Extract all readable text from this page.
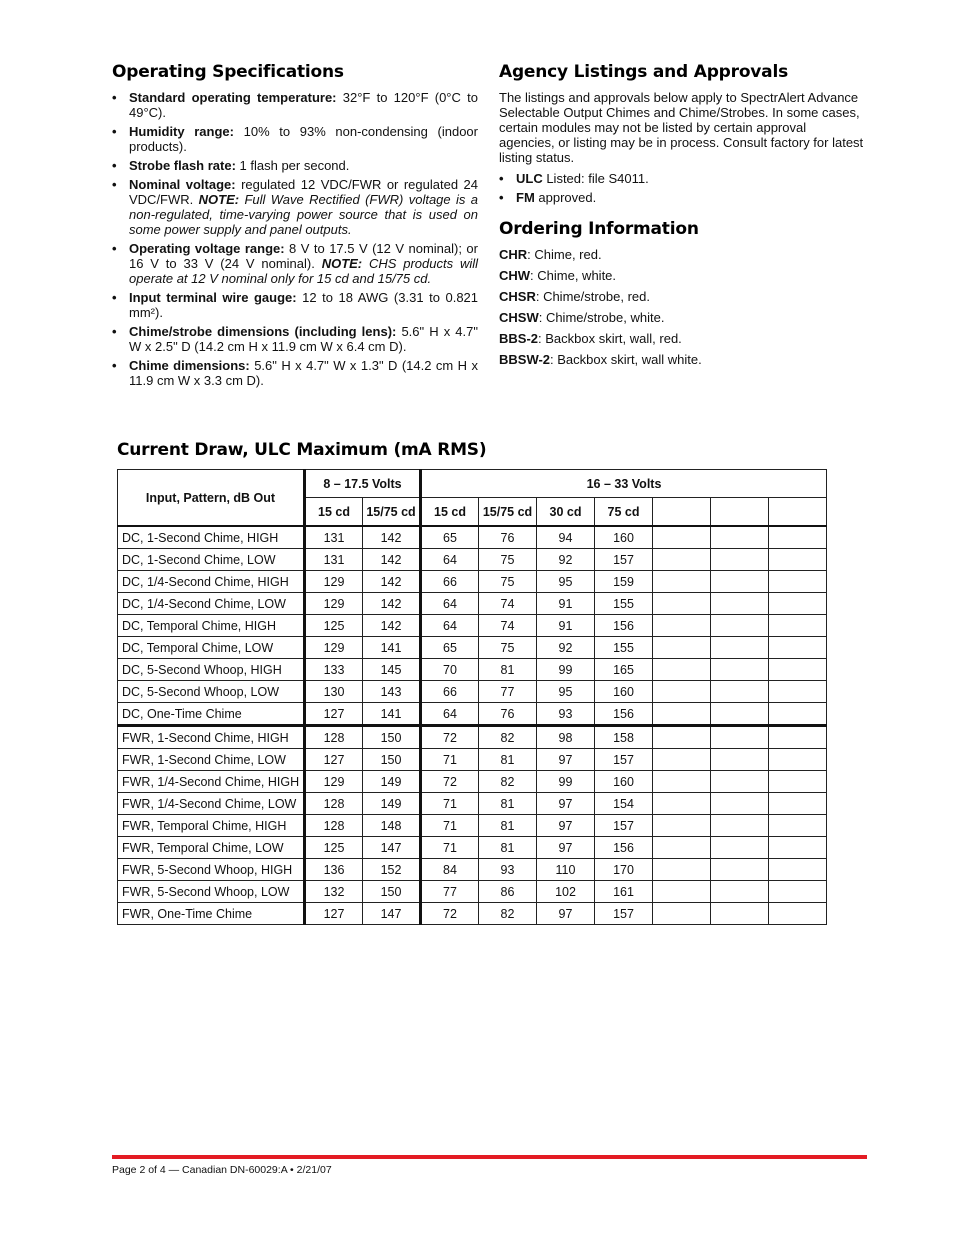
Operating Specifications
• Standard operating temperature: 32°F to 120°F (0°C to 49°C).
• Humidity range: 10% to 93% non-condensing (indoor products).
• Strobe flash rate: 1 flash per second.
• Nominal voltage: regulated 12 VDC/FWR or regulated 24 VDC/FWR. NOTE: Full Wave Rectified (FWR) voltage is a non-regulated, time-varying power source that is used on some power supply and panel outputs.
• Operating voltage range: 8 V to 17.5 V (12 V nominal); or 16 V to 33 V (24 V nominal). NOTE: CHS products will operate at 12 V nominal only for 15 cd and 15/75 cd.
• Input terminal wire gauge: 12 to 18 AWG (3.31 to 0.821 mm²).
• Chime/strobe dimensions (including lens): 5.6" H x 4.7" W x 2.5" D (14.2 cm H x 11.9 cm W x 6.4 cm D).
• Chime dimensions: 5.6" H x 4.7" W x 1.3" D (14.2 cm H x 11.9 cm W x 3.3 cm D).
Agency Listings and Approvals

The listings and approvals below apply to SpectrAlert Advance Selectable Output Chimes and Chime/Strobes. In some cases, certain modules may not be listed by certain approval agencies, or listing may be in process. Consult factory for latest listing status.

• ULC Listed: file S4011.
• FM approved.
Ordering Information
CHR: Chime, red.
CHW: Chime, white.
CHSR: Chime/strobe, red.
CHSW: Chime/strobe, white.
BBS-2: Backbox skirt, wall, red.
BBSW-2: Backbox skirt, wall white.
Current Draw, ULC Maximum (mA RMS)
Input, Pattern, dB Out	8 – 17.5 Volts		16 – 33 Volts						
	15 cd	15/75 cd	15 cd	15/75 cd	30 cd	75 cd			
DC, 1-Second Chime, HIGH	131	142	65	76	94	160			
DC, 1-Second Chime, LOW	131	142	64	75	92	157			
DC, 1/4-Second Chime, HIGH	129	142	66	75	95	159			
DC, 1/4-Second Chime, LOW	129	142	64	74	91	155			
DC, Temporal Chime, HIGH	125	142	64	74	91	156			
DC, Temporal Chime, LOW	129	141	65	75	92	155			
DC, 5-Second Whoop, HIGH	133	145	70	81	99	165			
DC, 5-Second Whoop, LOW	130	143	66	77	95	160			
DC, One-Time Chime	127	141	64	76	93	156			
FWR, 1-Second Chime, HIGH	128	150	72	82	98	158			
FWR, 1-Second Chime, LOW	127	150	71	81	97	157			
FWR, 1/4-Second Chime, HIGH	129	149	72	82	99	160			
FWR, 1/4-Second Chime, LOW	128	149	71	81	97	154			
FWR, Temporal Chime, HIGH	128	148	71	81	97	157			
FWR, Temporal Chime, LOW	125	147	71	81	97	156			
FWR, 5-Second Whoop, HIGH	136	152	84	93	110	170			
FWR, 5-Second Whoop, LOW	132	150	77	86	102	161			
FWR, One-Time Chime	127	147	72	82	97	157			
Page 2 of 4 — Canadian DN-60029:A • 2/21/07
